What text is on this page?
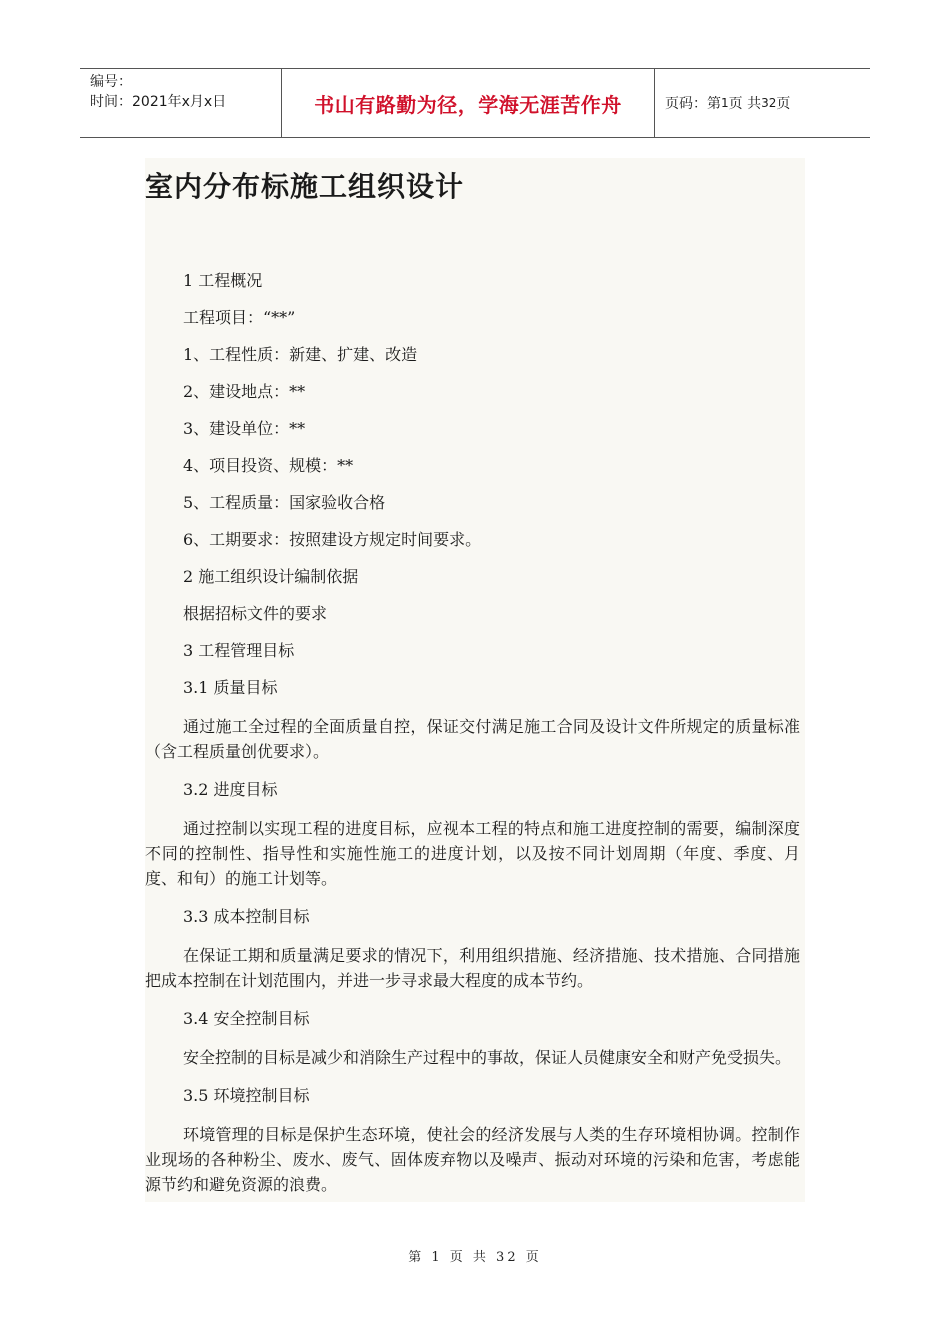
编号：
时间：2021年x月x日	书山有路勤为径，学海无涯苦作舟	页码：第 1 页 共 32 页
室内分布标施工组织设计
1 工程概况
工程项目：“**”
1、工程性质：新建、扩建、改造
2、建设地点：**
3、建设单位：**
4、项目投资、规模：**
5、工程质量：国家验收合格
6、工期要求：按照建设方规定时间要求。
2 施工组织设计编制依据
根据招标文件的要求
3 工程管理目标
3.1 质量目标
通过施工全过程的全面质量自控，保证交付满足施工合同及设计文件所规定的质量标准（含工程质量创优要求）。
3.2 进度目标
通过控制以实现工程的进度目标，应视本工程的特点和施工进度控制的需要，编制深度不同的控制性、指导性和实施性施工的进度计划，以及按不同计划周期（年度、季度、月度、和旬）的施工计划等。
3.3 成本控制目标
在保证工期和质量满足要求的情况下，利用组织措施、经济措施、技术措施、合同措施把成本控制在计划范围内，并进一步寻求最大程度的成本节约。
3.4 安全控制目标
安全控制的目标是减少和消除生产过程中的事故，保证人员健康安全和财产免受损失。
3.5 环境控制目标
环境管理的目标是保护生态环境，使社会的经济发展与人类的生存环境相协调。控制作业现场的各种粉尘、废水、废气、固体废弃物以及噪声、振动对环境的污染和危害，考虑能源节约和避免资源的浪费。
第 1 页 共 32 页
